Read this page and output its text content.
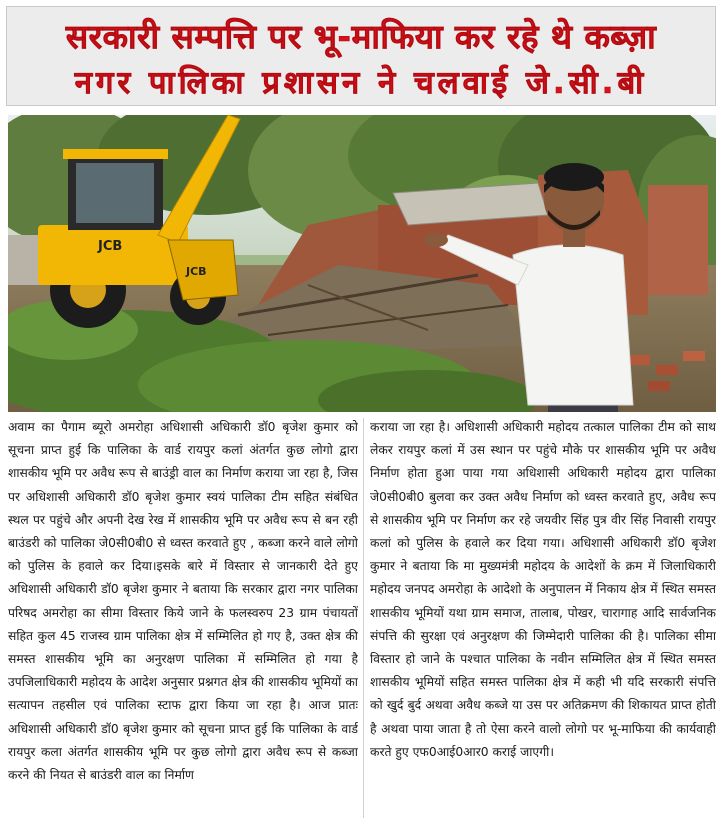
सरकारी सम्पत्ति पर भू-माफिया कर रहे थे कब्ज़ा
नगर पालिका प्रशासन ने चलवाई जे.सी.बी
JCB
JCB

अवाम का पैगाम ब्यूरो अमरोहा अधिशासी अधिकारी डॉ0 बृजेश कुमार को सूचना प्राप्त हुई कि पालिका के वार्ड रायपुर कलां अंतर्गत कुछ लोगो द्वारा शासकीय भूमि पर अवैध रूप से बाउंड्री वाल का निर्माण कराया जा रहा है, जिस पर अधिशासी अधिकारी डॉ0 बृजेश कुमार स्वयं पालिका टीम सहित संबंधित स्थल पर पहुंचे और अपनी देख रेख में शासकीय भूमि पर अवैध रूप से बन रही बाउंडरी को पालिका जे0सी0बी0 से ध्वस्त करवाते हुए , कब्जा करने वाले लोगो को पुलिस के हवाले कर दिया।इसके बारे में विस्तार से जानकारी देते हुए अधिशासी अधिकारी डॉ0 बृजेश कुमार ने बताया कि सरकार द्वारा नगर पालिका परिषद अमरोहा का सीमा विस्तार किये जाने के फलस्वरुप 23 ग्राम पंचायतों सहित कुल 45 राजस्व ग्राम पालिका क्षेत्र में सम्मिलित हो गए है, उक्त क्षेत्र की समस्त शासकीय भूमि का अनुरक्षण पालिका में सम्मिलित हो गया है उपजिलाधिकारी महोदय के आदेश अनुसार प्रश्नगत क्षेत्र की शासकीय भूमियों का सत्यापन तहसील एवं पालिका स्टाफ द्वारा किया जा रहा है। आज प्रातः अधिशासी अधिकारी डॉ0 बृजेश कुमार को सूचना प्राप्त हुई कि पालिका के वार्ड रायपुर कला अंतर्गत शासकीय भूमि पर कुछ लोगो द्वारा अवैध रूप से कब्जा करने की नियत से बाउंडरी वाल का निर्माण

कराया जा रहा है। अधिशासी अधिकारी महोदय तत्काल पालिका टीम को साथ लेकर रायपुर कलां में उस स्थान पर पहुंचे मौके पर शासकीय भूमि पर अवैध निर्माण होता हुआ पाया गया अधिशासी अधिकारी महोदय द्वारा पालिका जे0सी0बी0 बुलवा कर उक्त अवैध निर्माण को ध्वस्त करवाते हुए, अवैध रूप से शासकीय भूमि पर निर्माण कर रहे जयवीर सिंह पुत्र वीर सिंह निवासी रायपुर कलां को पुलिस के हवाले कर दिया गया। अधिशासी अधिकारी डॉ0 बृजेश कुमार ने बताया कि मा मुख्यमंत्री महोदय के आदेशों के क्रम में जिलाधिकारी महोदय जनपद अमरोहा के आदेशो के अनुपालन में निकाय क्षेत्र में स्थित समस्त शासकीय भूमियों यथा ग्राम समाज, तालाब, पोखर, चारागाह आदि सार्वजनिक संपत्ति की सुरक्षा एवं अनुरक्षण की जिम्मेदारी पालिका की है। पालिका सीमा विस्तार हो जाने के पश्चात पालिका के नवीन सम्मिलित क्षेत्र में स्थित समस्त शासकीय भूमियों सहित समस्त पालिका क्षेत्र में कही भी यदि सरकारी संपत्ति को खुर्द बुर्द अथवा अवैध कब्जे या उस पर अतिक्रमण की शिकायत प्राप्त होती है अथवा पाया जाता है तो ऐसा करने वालो लोगो पर भू-माफिया की कार्यवाही करते हुए एफ0आई0आर0 कराई जाएगी।
